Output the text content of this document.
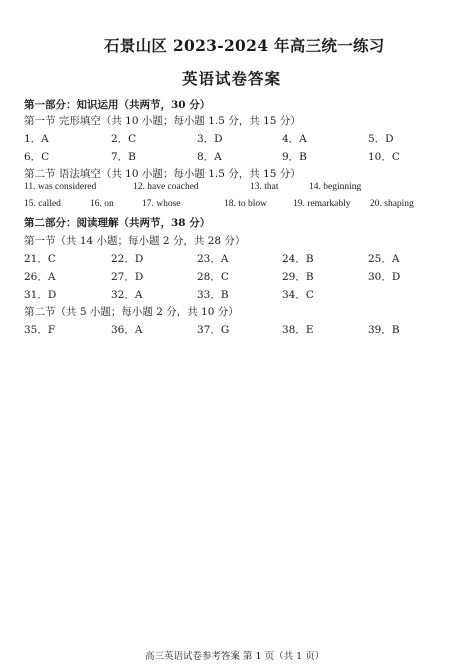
石景山区 2023-2024 年高三统一练习
英语试卷答案
第一部分：知识运用（共两节，30 分）
第一节 完形填空（共 10 小题；每小题 1.5 分，共 15 分）
1．A	2．C	3．D	4．A	5．D
6．C	7．B	8．A	9．B	10．C
第二节 语法填空（共 10 小题；每小题 1.5 分，共 15 分）
11. was considered	12. have coached	13. that	14. beginning
15. called	16. on	17. whose	18. to blow	19. remarkably 20. shaping
第二部分：阅读理解（共两节，38 分）
第一节（共 14 小题；每小题 2 分，共 28 分）
21．C	22．D	23．A	24．B	25．A
26．A	27．D	28．C	29．B	30．D
31．D	32．A	33．B	34．C
第二节（共 5 小题；每小题 2 分，共 10 分）
35．F	36．A	37．G	38．E	39．B
高三英语试卷参考答案 第 1 页（共 1 页）
